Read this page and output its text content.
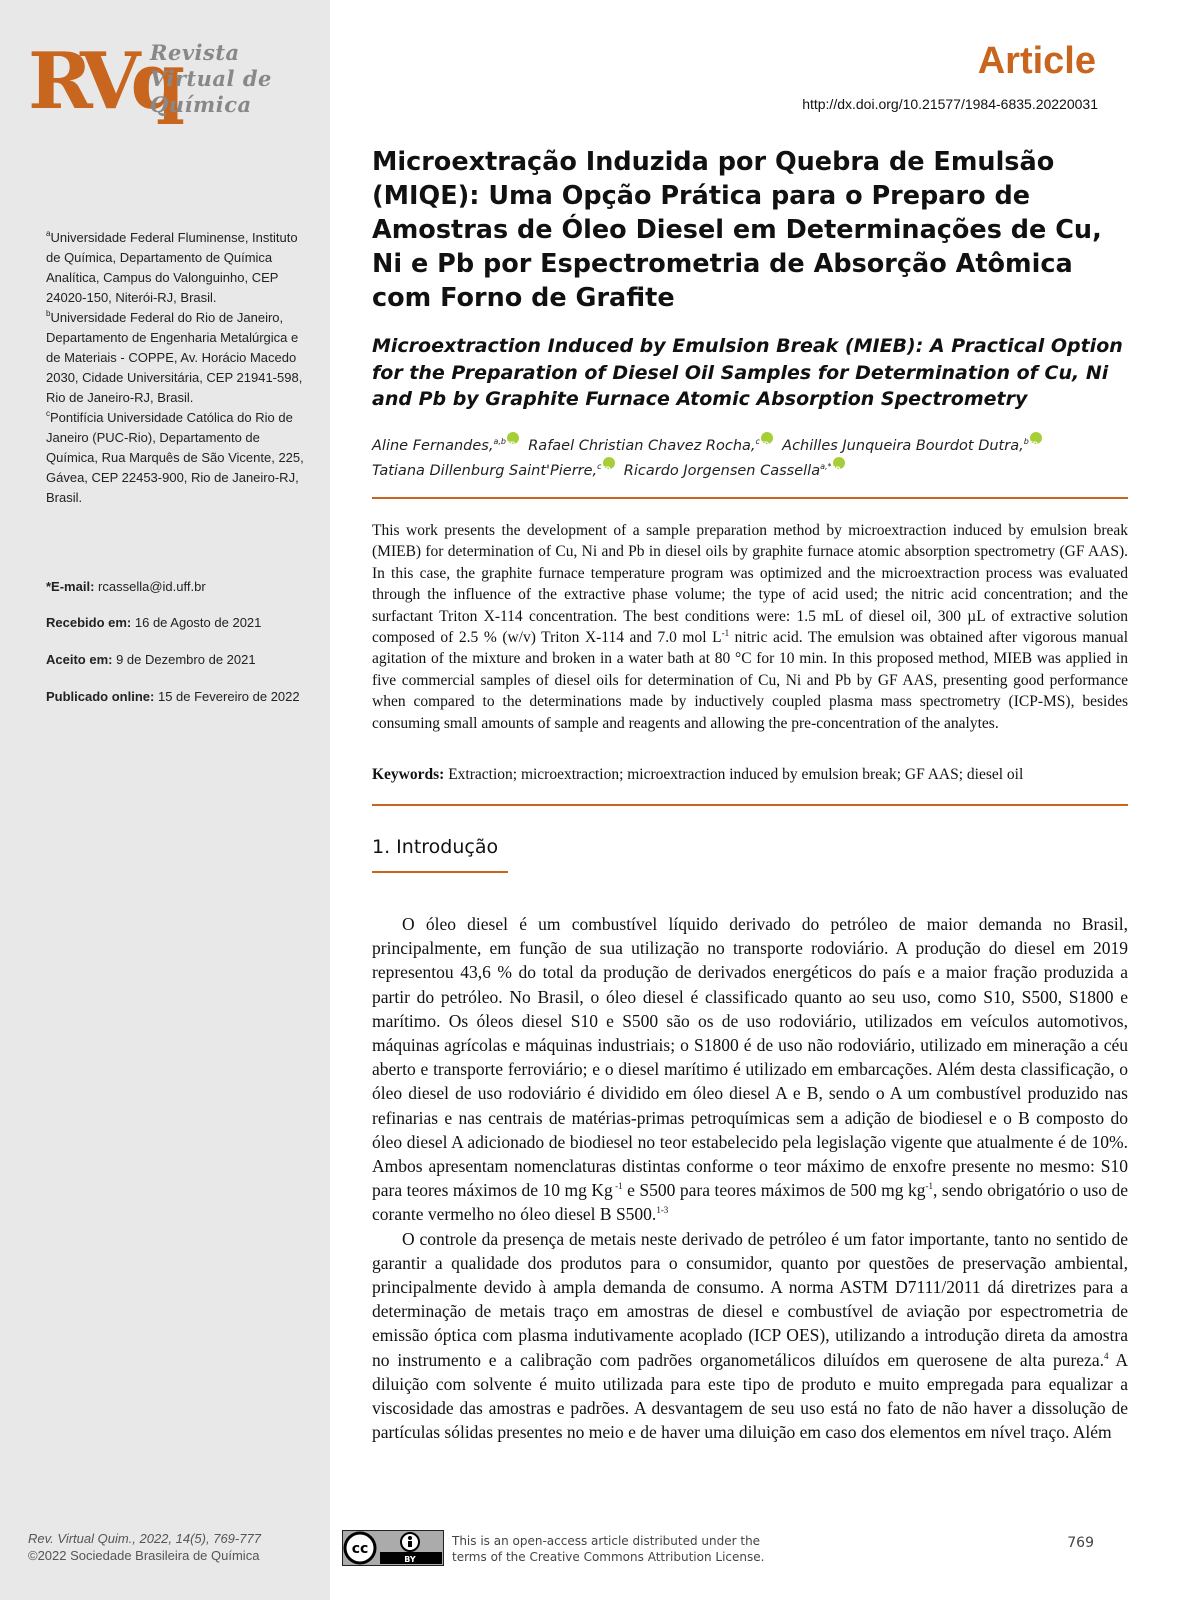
RVq
Revista
Virtual de
Química

$^a$Universidade Federal Fluminense, Instituto de Química, Departamento de Química Analítica, Campus do Valonguinho, CEP 24020-150, Niterói-RJ, Brasil.

$^b$Universidade Federal do Rio de Janeiro, Departamento de Engenharia Metalúrgica e de Materiais - COPPE, Av. Horácio Macedo 2030, Cidade Universitária, CEP 21941-598, Rio de Janeiro-RJ, Brasil.

$^c$Pontifícia Universidade Católica do Rio de Janeiro (PUC-Rio), Departamento de Química, Rua Marquês de São Vicente, 225, Gávea, CEP 22453-900, Rio de Janeiro-RJ, Brasil.

*E-mail: rcassella@id.uff.br
Recebido em: 16 de Agosto de 2021
Aceito em: 9 de Dezembro de 2021
Publicado online: 15 de Fevereiro de 2022
Rev. Virtual Quim., 2022, 14(5), 769-777
©2022 Sociedade Brasileira de Química
Article
http://dx.doi.org/10.21577/1984-6835.20220031
Microextração Induzida por Quebra de Emulsão (MIQE): Uma Opção Prática para o Preparo de Amostras de Óleo Diesel em Determinações de Cu, Ni e Pb por Espectrometria de Absorção Atômica com Forno de Grafite
Microextraction Induced by Emulsion Break (MIEB): A Practical Option for the Preparation of Diesel Oil Samples for Determination of Cu, Ni and Pb by Graphite Furnace Atomic Absorption Spectrometry
Aline Fernandes,$^{a,b}$ iD Rafael Christian Chavez Rocha,$^c$ iD Achilles Junqueira Bourdot Dutra,$^b$iD
Tatiana Dillenburg Saint'Pierre,$^c$ iD Ricardo Jorgensen Cassella$^{a,*}$iD
This work presents the development of a sample preparation method by microextraction induced by emulsion break (MIEB) for determination of Cu, Ni and Pb in diesel oils by graphite furnace atomic absorption spectrometry (GF AAS). In this case, the graphite furnace temperature program was optimized and the microextraction process was evaluated through the influence of the extractive phase volume; the type of acid used; the nitric acid concentration; and the surfactant Triton X-114 concentration. The best conditions were: 1.5 mL of diesel oil, 300 µL of extractive solution composed of 2.5 % (w/v) Triton X-114 and 7.0 mol $L^{-1}$ nitric acid. The emulsion was obtained after vigorous manual agitation of the mixture and broken in a water bath at 80 °C for 10 min. In this proposed method, MIEB was applied in five commercial samples of diesel oils for determination of Cu, Ni and Pb by GF AAS, presenting good performance when compared to the determinations made by inductively coupled plasma mass spectrometry (ICP-MS), besides consuming small amounts of sample and reagents and allowing the pre-concentration of the analytes.
Keywords: Extraction; microextraction; microextraction induced by emulsion break; GF AAS; diesel oil
1. Introdução

O óleo diesel é um combustível líquido derivado do petróleo de maior demanda no Brasil, principalmente, em função de sua utilização no transporte rodoviário. A produção do diesel em 2019 representou 43,6 % do total da produção de derivados energéticos do país e a maior fração produzida a partir do petróleo. No Brasil, o óleo diesel é classificado quanto ao seu uso, como S10, S500, S1800 e marítimo. Os óleos diesel S10 e S500 são os de uso rodoviário, utilizados em veículos automotivos, máquinas agrícolas e máquinas industriais; o S1800 é de uso não rodoviário, utilizado em mineração a céu aberto e transporte ferroviário; e o diesel marítimo é utilizado em embarcações. Além desta classificação, o óleo diesel de uso rodoviário é dividido em óleo diesel A e B, sendo o A um combustível produzido nas refinarias e nas centrais de matérias-primas petroquímicas sem a adição de biodiesel e o B composto do óleo diesel A adicionado de biodiesel no teor estabelecido pela legislação vigente que atualmente é de 10%. Ambos apresentam nomenclaturas distintas conforme o teor máximo de enxofre presente no mesmo: S10 para teores máximos de 10 mg Kg $^{-1}$ e S500 para teores máximos de 500 mg $kg^{-1}$, sendo obrigatório o uso de corante vermelho no óleo diesel B S500.$^{1-3}$

O controle da presença de metais neste derivado de petróleo é um fator importante, tanto no sentido de garantir a qualidade dos produtos para o consumidor, quanto por questões de preservação ambiental, principalmente devido à ampla demanda de consumo. A norma ASTM D7111/2011 dá diretrizes para a determinação de metais traço em amostras de diesel e combustível de aviação por espectrometria de emissão óptica com plasma indutivamente acoplado (ICP OES), utilizando a introdução direta da amostra no instrumento e a calibração com padrões organometálicos diluídos em querosene de alta pureza.$^4$ A diluição com solvente é muito utilizada para este tipo de produto e muito empregada para equalizar a viscosidade das amostras e padrões. A desvantagem de seu uso está no fato de não haver a dissolução de partículas sólidas presentes no meio e de haver uma diluição em caso dos elementos em nível traço. Além

cc
BY
This is an open-access article distributed under the
terms of the Creative Commons Attribution License.
769
